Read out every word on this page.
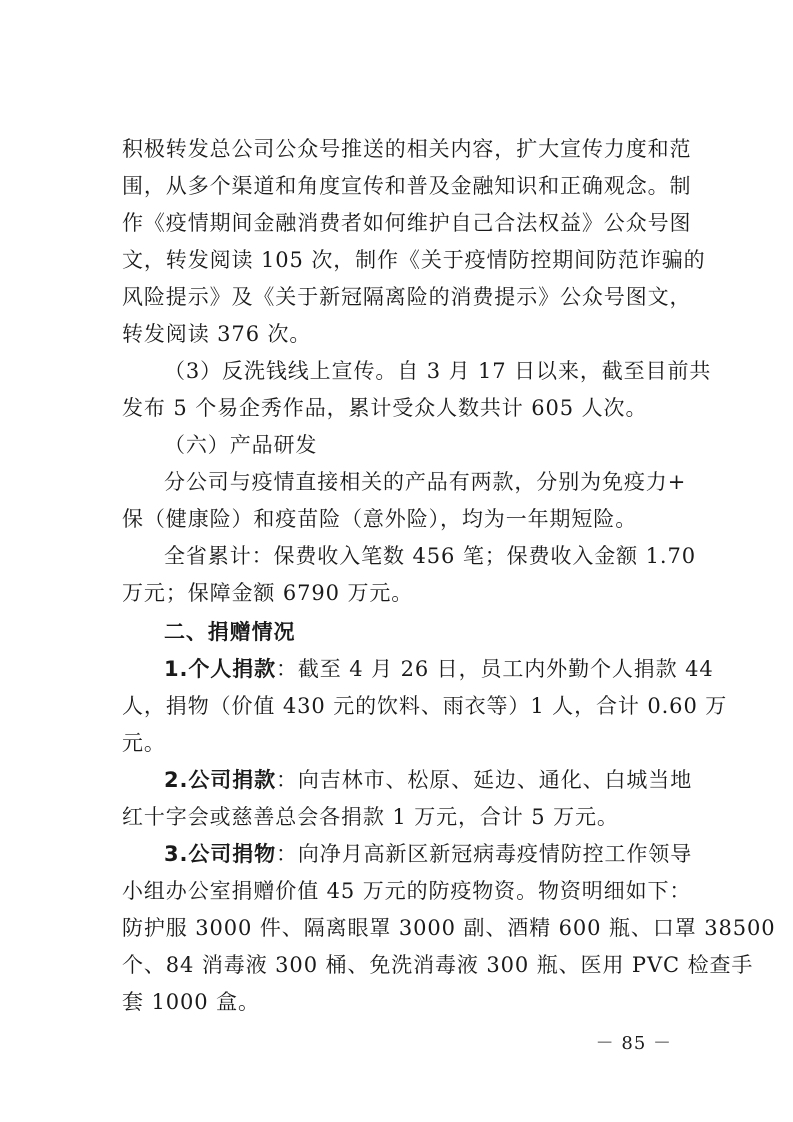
积极转发总公司公众号推送的相关内容，扩大宣传力度和范
围，从多个渠道和角度宣传和普及金融知识和正确观念。制
作《疫情期间金融消费者如何维护自己合法权益》公众号图
文，转发阅读 105 次，制作《关于疫情防控期间防范诈骗的
风险提示》及《关于新冠隔离险的消费提示》公众号图文，
转发阅读 376 次。
（3）反洗钱线上宣传。自 3 月 17 日以来，截至目前共
发布 5 个易企秀作品，累计受众人数共计 605 人次。
（六）产品研发
分公司与疫情直接相关的产品有两款，分别为免疫力+
保（健康险）和疫苗险（意外险），均为一年期短险。
全省累计：保费收入笔数 456 笔；保费收入金额 1.70
万元；保障金额 6790 万元。
二、捐赠情况
1.个人捐款：截至 4 月 26 日，员工内外勤个人捐款 44
人，捐物（价值 430 元的饮料、雨衣等）1 人，合计 0.60 万
元。
2.公司捐款：向吉林市、松原、延边、通化、白城当地
红十字会或慈善总会各捐款 1 万元，合计 5 万元。
3.公司捐物：向净月高新区新冠病毒疫情防控工作领导
小组办公室捐赠价值 45 万元的防疫物资。物资明细如下：
防护服 3000 件、隔离眼罩 3000 副、酒精 600 瓶、口罩 38500
个、84 消毒液 300 桶、免洗消毒液 300 瓶、医用 PVC 检查手
套 1000 盒。
－ 85 －
